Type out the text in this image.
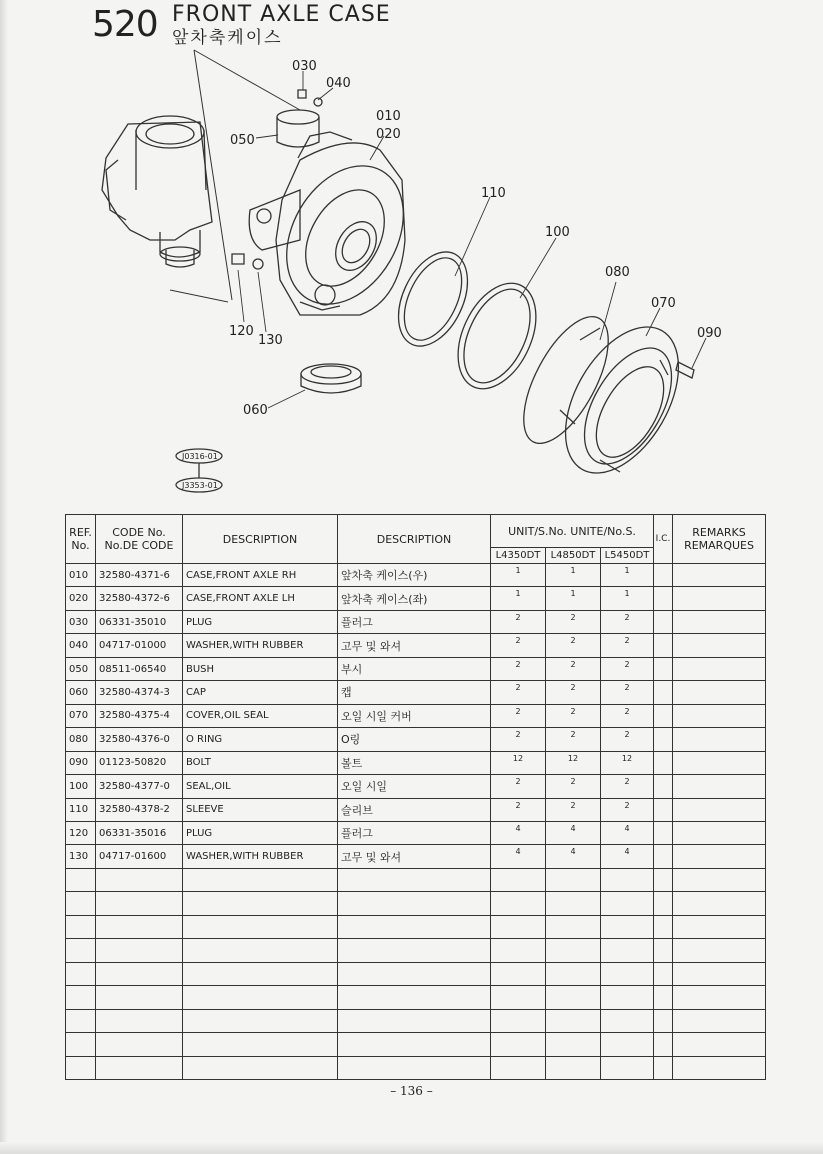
520 FRONT AXLE CASE
앞차축케이스
030
040
010
020
050
110
100
080
070
090
120
130
060
J0316-01
J3353-01
REF. No.	CODE No. No.DE CODE	DESCRIPTION	DESCRIPTION	UNIT/S.No. UNITE/No.S.			I.C.	REMARKS REMARQUES
				L4350DT	L4850DT	L5450DT		
010	32580-4371-6	CASE,FRONT AXLE RH	앞차축 케이스(우)	1	1	1		
020	32580-4372-6	CASE,FRONT AXLE LH	앞차축 케이스(좌)	1	1	1		
030	06331-35010	PLUG	플러그	2	2	2		
040	04717-01000	WASHER,WITH RUBBER	고무 및 와셔	2	2	2		
050	08511-06540	BUSH	부시	2	2	2		
060	32580-4374-3	CAP	캡	2	2	2		
070	32580-4375-4	COVER,OIL SEAL	오일 시일 커버	2	2	2		
080	32580-4376-0	O RING	O링	2	2	2		
090	01123-50820	BOLT	볼트	12	12	12		
100	32580-4377-0	SEAL,OIL	오일 시일	2	2	2		
110	32580-4378-2	SLEEVE	슬리브	2	2	2		
120	06331-35016	PLUG	플러그	4	4	4		
130	04717-01600	WASHER,WITH RUBBER	고무 및 와셔	4	4	4		

– 136 –
